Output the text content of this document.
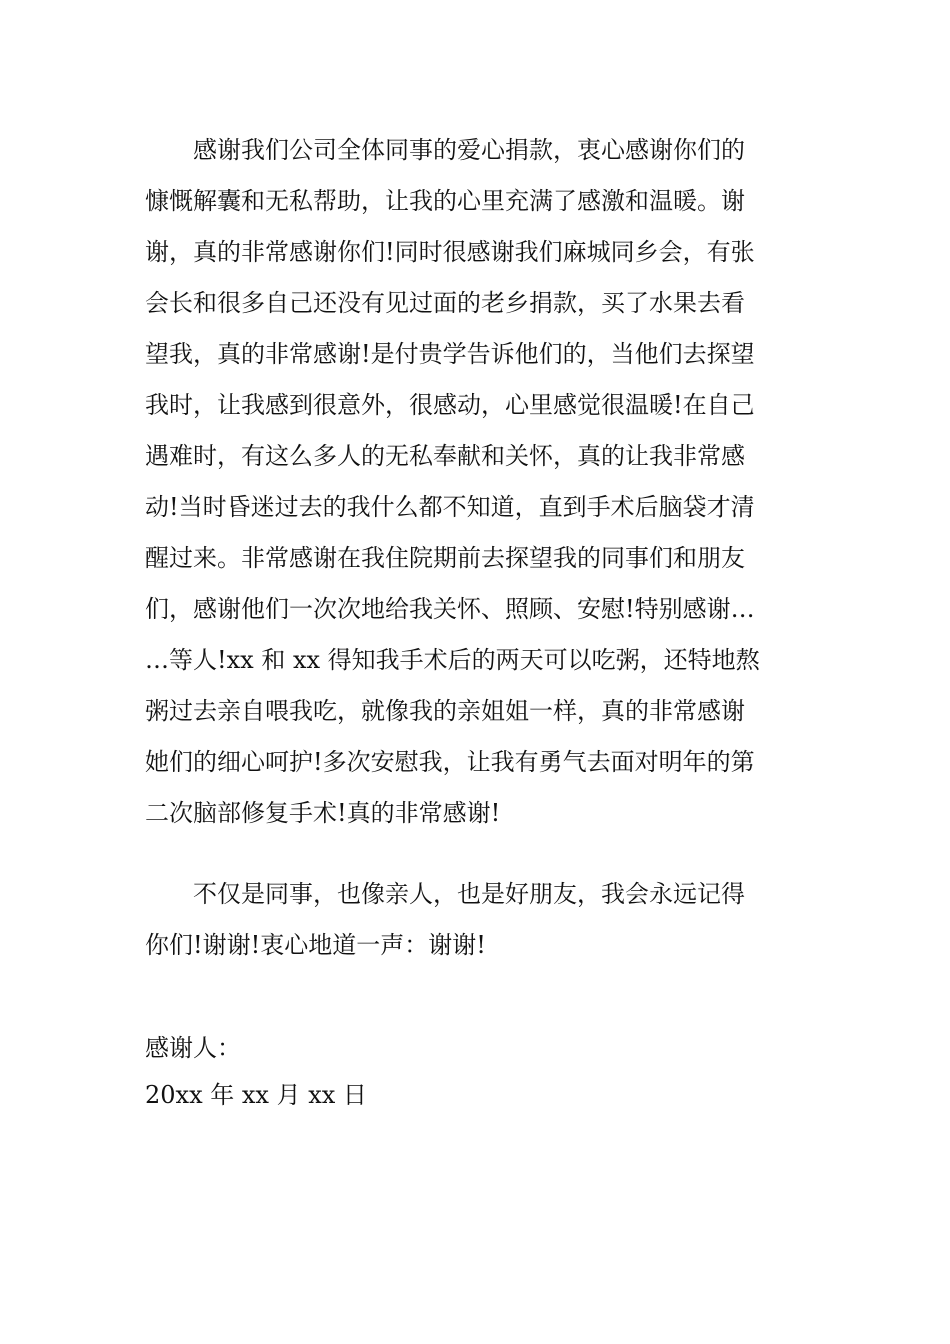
　　感谢我们公司全体同事的爱心捐款，衷心感谢你们的
慷慨解囊和无私帮助，让我的心里充满了感激和温暖。谢
谢，真的非常感谢你们!同时很感谢我们麻城同乡会，有张
会长和很多自己还没有见过面的老乡捐款，买了水果去看
望我，真的非常感谢!是付贵学告诉他们的，当他们去探望
我时，让我感到很意外，很感动，心里感觉很温暖!在自己
遇难时，有这么多人的无私奉献和关怀，真的让我非常感
动!当时昏迷过去的我什么都不知道，直到手术后脑袋才清
醒过来。非常感谢在我住院期前去探望我的同事们和朋友
们，感谢他们一次次地给我关怀、照顾、安慰!特别感谢…
…等人!xx 和 xx 得知我手术后的两天可以吃粥，还特地熬
粥过去亲自喂我吃，就像我的亲姐姐一样，真的非常感谢
她们的细心呵护!多次安慰我，让我有勇气去面对明年的第
二次脑部修复手术!真的非常感谢!
　　不仅是同事，也像亲人，也是好朋友，我会永远记得
你们!谢谢!衷心地道一声：谢谢!
感谢人：
20xx 年 xx 月 xx 日
